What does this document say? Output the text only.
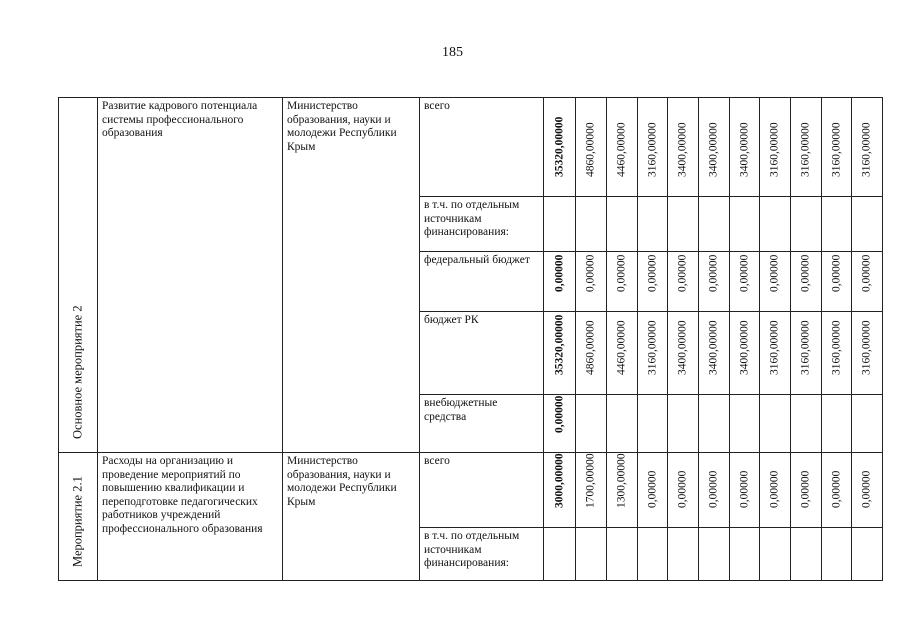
185
Основное мероприятие 2	Развитие кадрового потенциала системы профессионального образования	Министерство образования, науки и молодежи Республики Крым	всего	35320,00000	4860,00000	4460,00000	3160,00000	3400,00000	3400,00000	3400,00000	3160,00000	3160,00000	3160,00000	3160,00000

			в т.ч. по отдельным источникам финансирования:											
			федеральный бюджет	0,00000	0,00000	0,00000	0,00000	0,00000	0,00000	0,00000	0,00000	0,00000	0,00000	0,00000

			бюджет РК	35320,00000	4860,00000	4460,00000	3160,00000	3400,00000	3400,00000	3400,00000	3160,00000	3160,00000	3160,00000	3160,00000

			внебюджетные средства	0,00000										

Мероприятие 2.1	Расходы на организацию и проведение мероприятий по повышению квалификации и переподготовке педагогических работников учреждений профессионального образования	Министерство образования, науки и молодежи Республики Крым	всего	3000,00000	1700,00000	1300,00000	0,00000	0,00000	0,00000	0,00000	0,00000	0,00000	0,00000	0,00000

			в т.ч. по отдельным источникам финансирования:											
